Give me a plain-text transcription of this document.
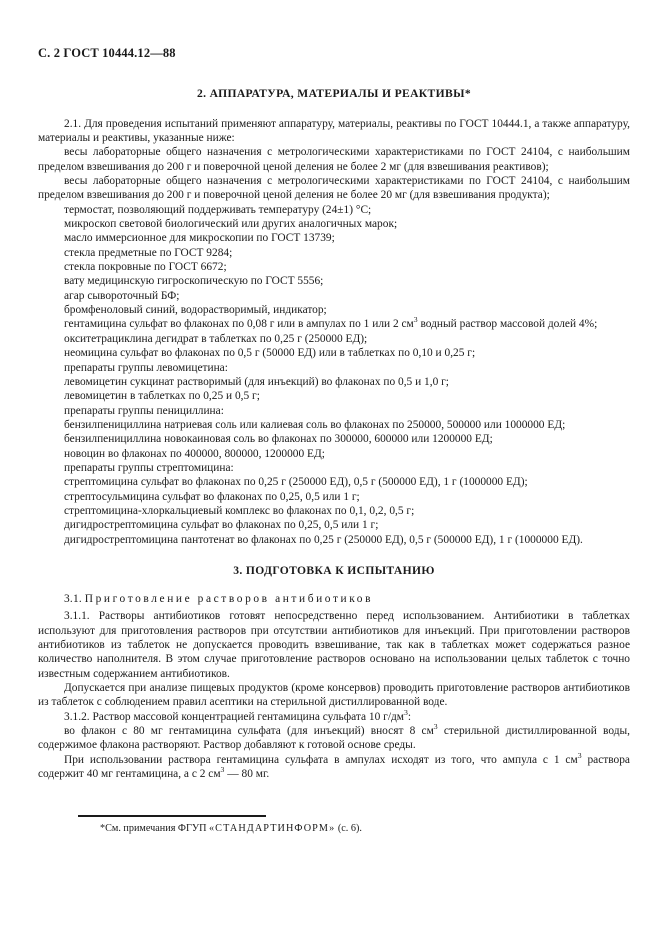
С. 2 ГОСТ 10444.12—88
2. АППАРАТУРА, МАТЕРИАЛЫ И РЕАКТИВЫ*

2.1. Для проведения испытаний применяют аппаратуру, материалы, реактивы по ГОСТ 10444.1, а также аппаратуру, материалы и реактивы, указанные ниже:

весы лабораторные общего назначения с метрологическими характеристиками по ГОСТ 24104, с наибольшим пределом взвешивания до 200 г и поверочной ценой деления не более 2 мг (для взвешивания реактивов);

весы лабораторные общего назначения с метрологическими характеристиками по ГОСТ 24104, с наибольшим пределом взвешивания до 200 г и поверочной ценой деления не более 20 мг (для взвешивания продукта);

термостат, позволяющий поддерживать температуру (24±1) °С;

микроскоп световой биологический или других аналогичных марок;

масло иммерсионное для микроскопии по ГОСТ 13739;

стекла предметные по ГОСТ 9284;

стекла покровные по ГОСТ 6672;

вату медицинскую гигроскопическую по ГОСТ 5556;

агар сывороточный БФ;

бромфеноловый синий, водорастворимый, индикатор;

гентамицина сульфат во флаконах по 0,08 г или в ампулах по 1 или 2 $см^3$ водный раствор массовой долей 4%;

окситетрациклина дегидрат в таблетках по 0,25 г (250000 ЕД);

неомицина сульфат во флаконах по 0,5 г (50000 ЕД) или в таблетках по 0,10 и 0,25 г;

препараты группы левомицетина:

левомицетин сукцинат растворимый (для инъекций) во флаконах по 0,5 и 1,0 г;

левомицетин в таблетках по 0,25 и 0,5 г;

препараты группы пенициллина:

бензилпенициллина натриевая соль или калиевая соль во флаконах по 250000, 500000 или 1000000 ЕД;

бензилпенициллина новокаиновая соль во флаконах по 300000, 600000 или 1200000 ЕД;

новоцин во флаконах по 400000, 800000, 1200000 ЕД;

препараты группы стрептомицина:

стрептомицина сульфат во флаконах по 0,25 г (250000 ЕД), 0,5 г (500000 ЕД), 1 г (1000000 ЕД);

стрептосульмицина сульфат во флаконах по 0,25, 0,5 или 1 г;

стрептомицина-хлоркальциевый комплекс во флаконах по 0,1, 0,2, 0,5 г;

дигидрострептомицина сульфат во флаконах по 0,25, 0,5 или 1 г;

дигидрострептомицина пантотенат во флаконах по 0,25 г (250000 ЕД), 0,5 г (500000 ЕД), 1 г (1000000 ЕД).

3. ПОДГОТОВКА К ИСПЫТАНИЮ
3.1. Приготовление растворов антибиотиков

3.1.1. Растворы антибиотиков готовят непосредственно перед использованием. Антибиотики в таблетках используют для приготовления растворов при отсутствии антибиотиков для инъекций. При приготовлении растворов антибиотиков из таблеток не допускается проводить взвешивание, так как в таблетках может содержаться разное количество наполнителя. В этом случае приготовление растворов основано на использовании целых таблеток с точно известным содержанием антибиотиков.

Допускается при анализе пищевых продуктов (кроме консервов) проводить приготовление растворов антибиотиков из таблеток с соблюдением правил асептики на стерильной дистиллированной воде.

3.1.2. Раствор массовой концентрацией гентамицина сульфата 10 $г/дм^3$:

во флакон с 80 мг гентамицина сульфата (для инъекций) вносят 8 $см^3$ стерильной дистиллированной воды, содержимое флакона растворяют. Раствор добавляют к готовой основе среды.

При использовании раствора гентамицина сульфата в ампулах исходят из того, что ампула с 1 $см^3$ раствора содержит 40 мг гентамицина, а с 2 $см^3$ — 80 мг.

*См. примечания ФГУП «СТАНДАРТИНФОРМ» (с. 6).
